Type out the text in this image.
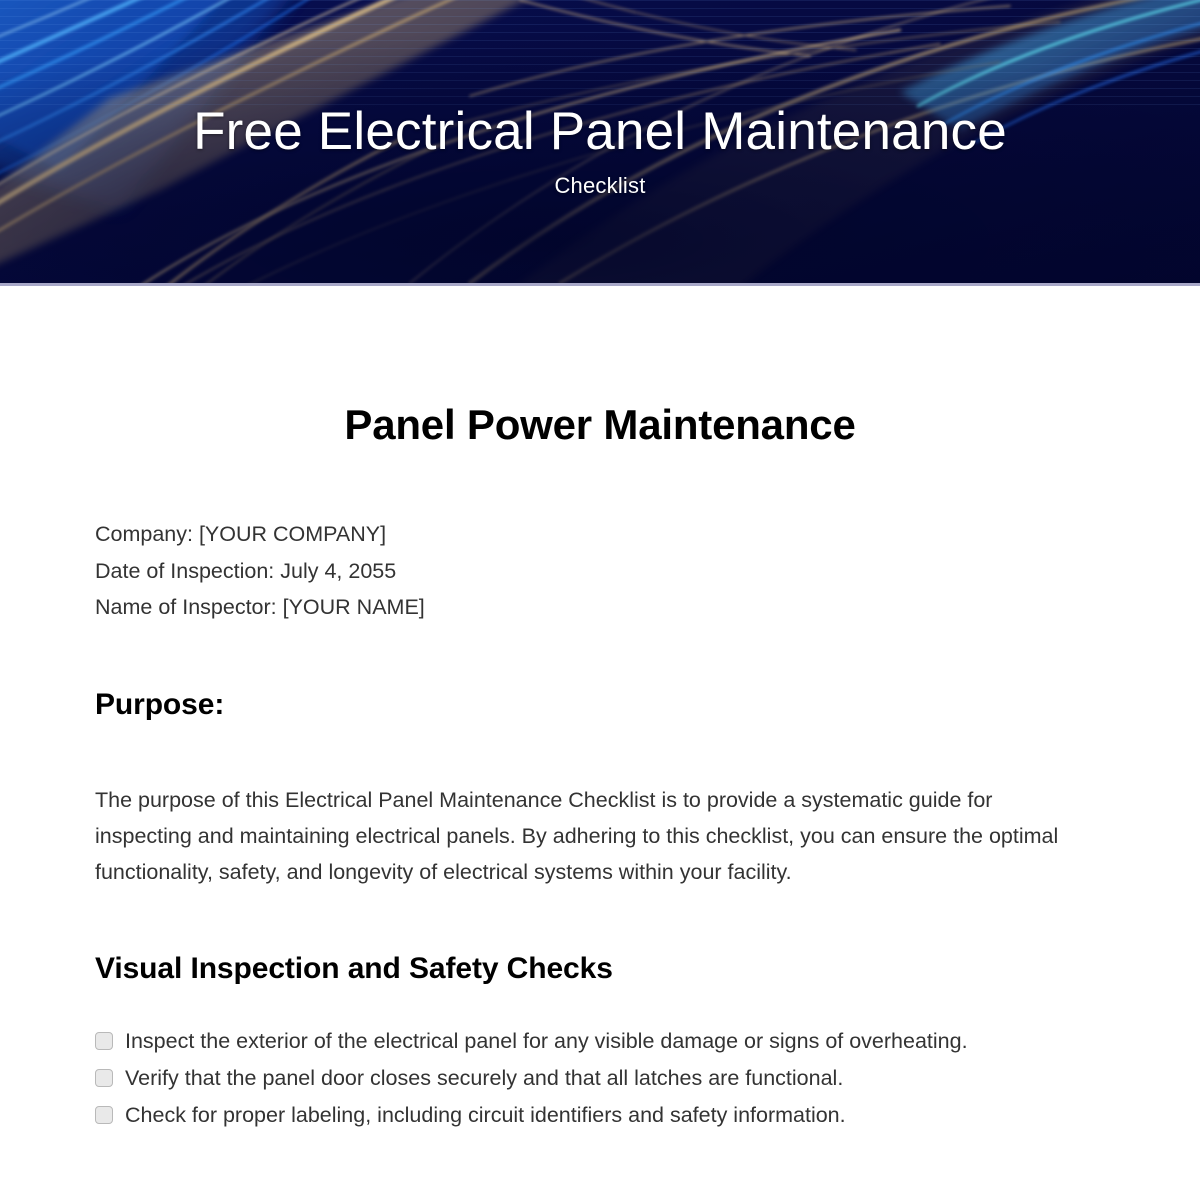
Free Electrical Panel Maintenance
Checklist
Panel Power Maintenance
Company: [YOUR COMPANY]
Date of Inspection: July 4, 2055
Name of Inspector: [YOUR NAME]
Purpose:

The purpose of this Electrical Panel Maintenance Checklist is to provide a systematic guide for inspecting and maintaining electrical panels. By adhering to this checklist, you can ensure the optimal functionality, safety, and longevity of electrical systems within your facility.

Visual Inspection and Safety Checks
Inspect the exterior of the electrical panel for any visible damage or signs of overheating.
Verify that the panel door closes securely and that all latches are functional.
Check for proper labeling, including circuit identifiers and safety information.
